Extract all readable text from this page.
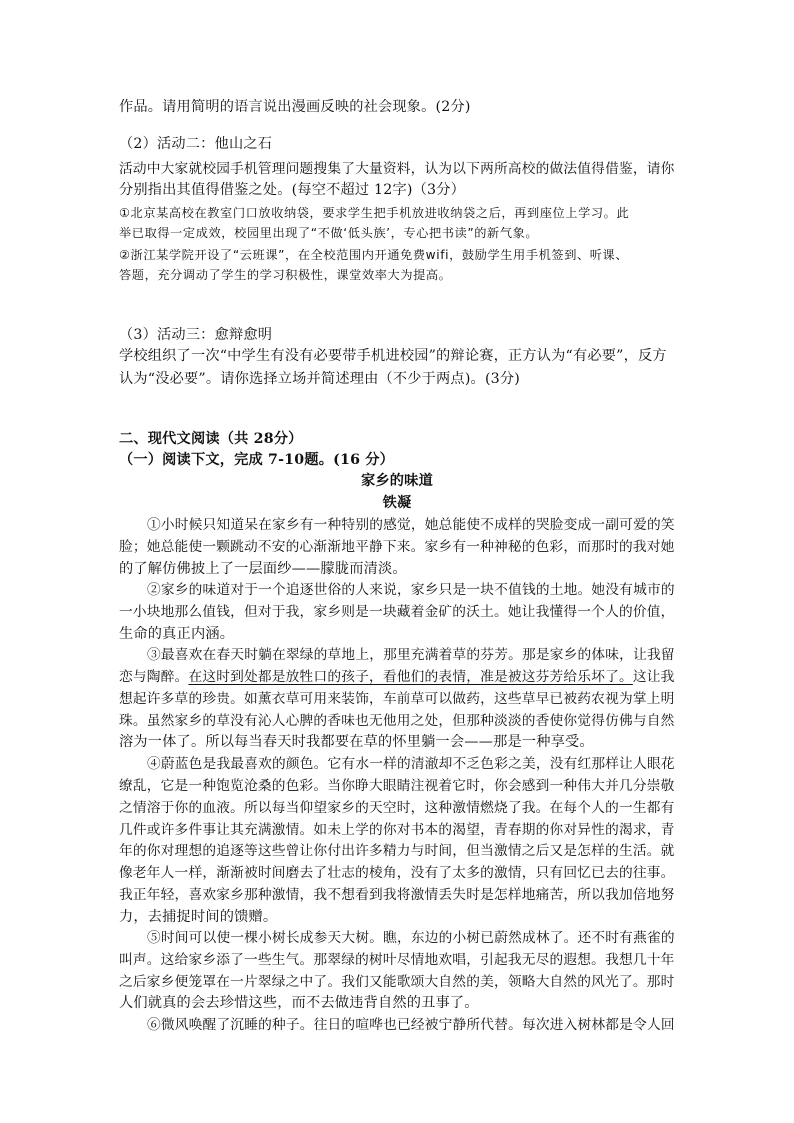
作品。请用简明的语言说出漫画反映的社会现象。(2分)
（2）活动二：他山之石
活动中大家就校园手机管理问题搜集了大量资料，认为以下两所高校的做法值得借鉴，请你
分别指出其值得借鉴之处。(每空不超过 12字)（3分）
①北京某高校在教室门口放收纳袋，要求学生把手机放进收纳袋之后，再到座位上学习。此
举已取得一定成效，校园里出现了“不做‘低头族’，专心把书读”的新气象。
②浙江某学院开设了“云班课”，在全校范围内开通免费wifi，鼓励学生用手机签到、听课、
答题，充分调动了学生的学习积极性，课堂效率大为提高。
（3）活动三：愈辩愈明
学校组织了一次“中学生有没有必要带手机进校园”的辩论赛，正方认为“有必要”，反方
认为“没必要”。请你选择立场并简述理由（不少于两点)。(3分)
二、现代文阅读（共 28分）
（一）阅读下文，完成 7-10题。(16 分）
家乡的味道
铁凝
①小时候只知道呆在家乡有一种特别的感觉，她总能使不成样的哭脸变成一副可爱的笑
脸；她总能使一颗跳动不安的心渐渐地平静下来。家乡有一种神秘的色彩，而那时的我对她
的了解仿佛披上了一层面纱——朦胧而清淡。
②家乡的味道对于一个追逐世俗的人来说，家乡只是一块不值钱的土地。她没有城市的
一小块地那么值钱，但对于我，家乡则是一块藏着金矿的沃土。她让我懂得一个人的价值，
生命的真正内涵。
③最喜欢在春天时躺在翠绿的草地上，那里充满着草的芬芳。那是家乡的体味，让我留
恋与陶醉。在这时到处都是放牲口的孩子，看他们的表情，准是被这芬芳给乐坏了。这让我
想起许多草的珍贵。如薰衣草可用来装饰，车前草可以做药，这些草早已被药农视为掌上明
珠。虽然家乡的草没有沁人心脾的香味也无他用之处，但那种淡淡的香使你觉得仿佛与自然
溶为一体了。所以每当春天时我都要在草的怀里躺一会——那是一种享受。
④蔚蓝色是我最喜欢的颜色。它有水一样的清澈却不乏色彩之美，没有红那样让人眼花
缭乱，它是一种饱览沧桑的色彩。当你睁大眼睛注视着它时，你会感到一种伟大并几分崇敬
之情溶于你的血液。所以每当仰望家乡的天空时，这种激情燃烧了我。在每个人的一生都有
几件或许多件事让其充满激情。如未上学的你对书本的渴望，青春期的你对异性的渴求，青
年的你对理想的追逐等这些曾让你付出许多精力与时间，但当激情之后又是怎样的生活。就
像老年人一样，渐渐被时间磨去了壮志的棱角，没有了太多的激情，只有回忆已去的往事。
我正年轻，喜欢家乡那种激情，我不想看到我将激情丢失时是怎样地痛苦，所以我加倍地努
力，去捕捉时间的馈赠。
⑤时间可以使一棵小树长成参天大树。瞧，东边的小树已蔚然成林了。还不时有燕雀的
叫声。这给家乡添了一些生气。那翠绿的树叶尽情地欢唱，引起我无尽的遐想。我想几十年
之后家乡便笼罩在一片翠绿之中了。我们又能歌颂大自然的美，领略大自然的风光了。那时
人们就真的会去珍惜这些，而不去做违背自然的丑事了。
⑥微风唤醒了沉睡的种子。往日的喧哗也已经被宁静所代替。每次进入树林都是令人回
